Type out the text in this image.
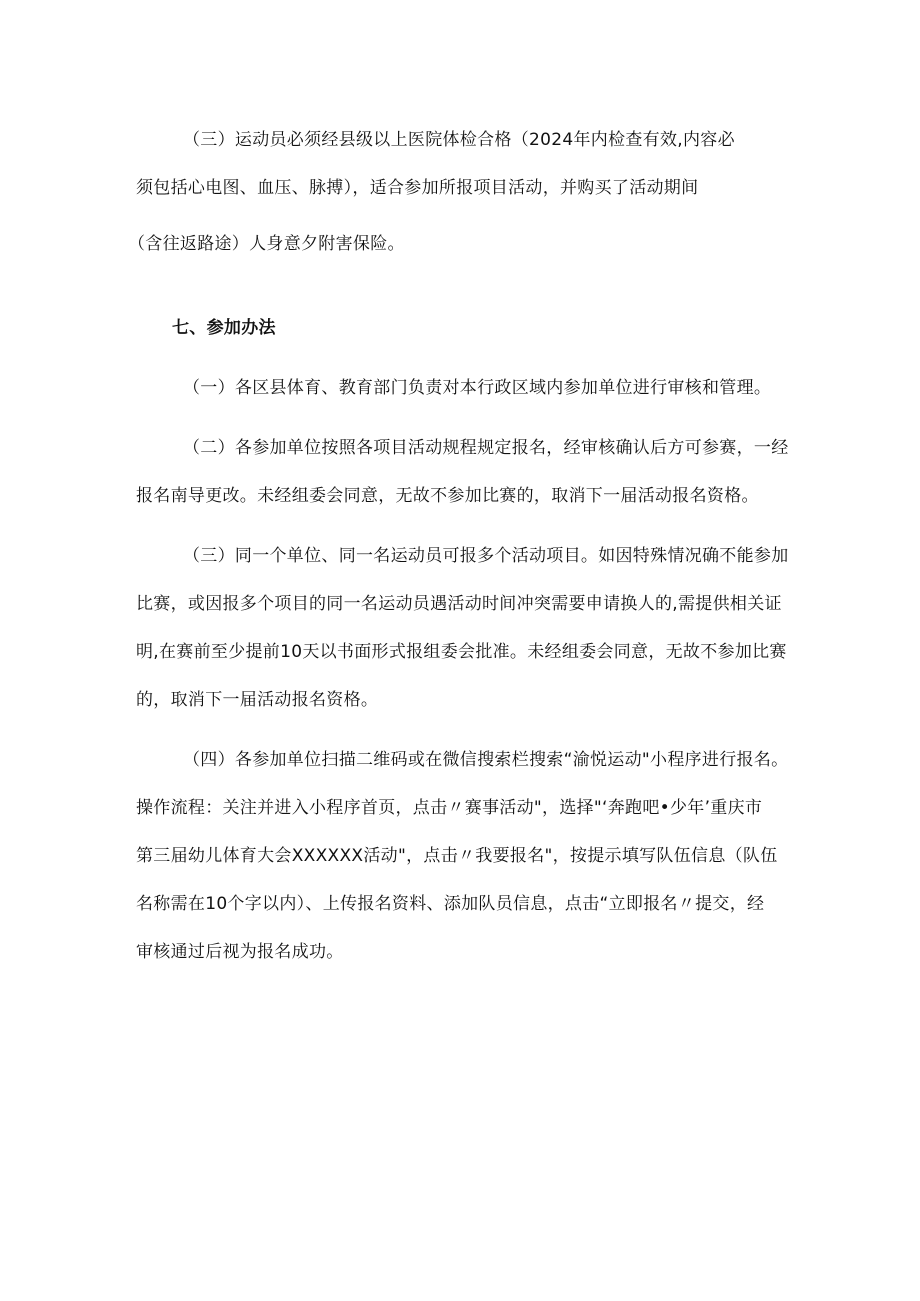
（三）运动员必须经县级以上医院体检合格（2024年内检查有效,内容必
须包括心电图、血压、脉搏），适合参加所报项目活动，并购买了活动期间
（含往返路途）人身意夕附害保险。
七、参加办法
（一）各区县体育、教育部门负责对本行政区域内参加单位进行审核和管理。
（二）各参加单位按照各项目活动规程规定报名，经审核确认后方可参赛，一经
报名南导更改。未经组委会同意，无故不参加比赛的，取消下一届活动报名资格。
（三）同一个单位、同一名运动员可报多个活动项目。如因特殊情况确不能参加
比赛，或因报多个项目的同一名运动员遇活动时间冲突需要申请换人的,需提供相关证
明,在赛前至少提前10天以书面形式报组委会批准。未经组委会同意，无故不参加比赛
的，取消下一届活动报名资格。
（四）各参加单位扫描二维码或在微信搜索栏搜索“渝悦运动"小程序进行报名。
操作流程：关注并进入小程序首页，点击〃赛事活动"，选择"‘奔跑吧•少年’重庆市
第三届幼儿体育大会XXXXXX活动"，点击〃我要报名"，按提示填写队伍信息（队伍
名称需在10个字以内）、上传报名资料、添加队员信息，点击“立即报名〃提交，经
审核通过后视为报名成功。
